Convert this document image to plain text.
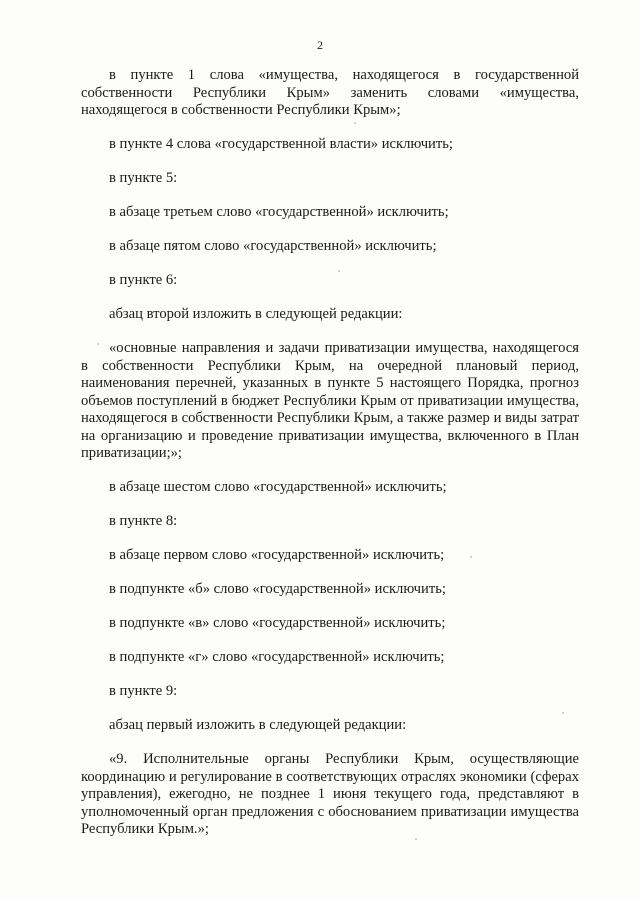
2

в пункте 1 слова «имущества, находящегося в государственной собственности Республики Крым» заменить словами «имущества, находящегося в собственности Республики Крым»;

в пункте 4 слова «государственной власти» исключить;

в пункте 5:

в абзаце третьем слово «государственной» исключить;

в абзаце пятом слово «государственной» исключить;

в пункте 6:

абзац второй изложить в следующей редакции:

«основные направления и задачи приватизации имущества, находящегося в собственности Республики Крым, на очередной плановый период, наименования перечней, указанных в пункте 5 настоящего Порядка, прогноз объемов поступлений в бюджет Республики Крым от приватизации имущества, находящегося в собственности Республики Крым, а также размер и виды затрат на организацию и проведение приватизации имущества, включенного в План приватизации;»;

в абзаце шестом слово «государственной» исключить;

в пункте 8:

в абзаце первом слово «государственной» исключить;

в подпункте «б» слово «государственной» исключить;

в подпункте «в» слово «государственной» исключить;

в подпункте «г» слово «государственной» исключить;

в пункте 9:

абзац первый изложить в следующей редакции:

«9. Исполнительные органы Республики Крым, осуществляющие координацию и регулирование в соответствующих отраслях экономики (сферах управления), ежегодно, не позднее 1 июня текущего года, представляют в уполномоченный орган предложения с обоснованием приватизации имущества Республики Крым.»;
